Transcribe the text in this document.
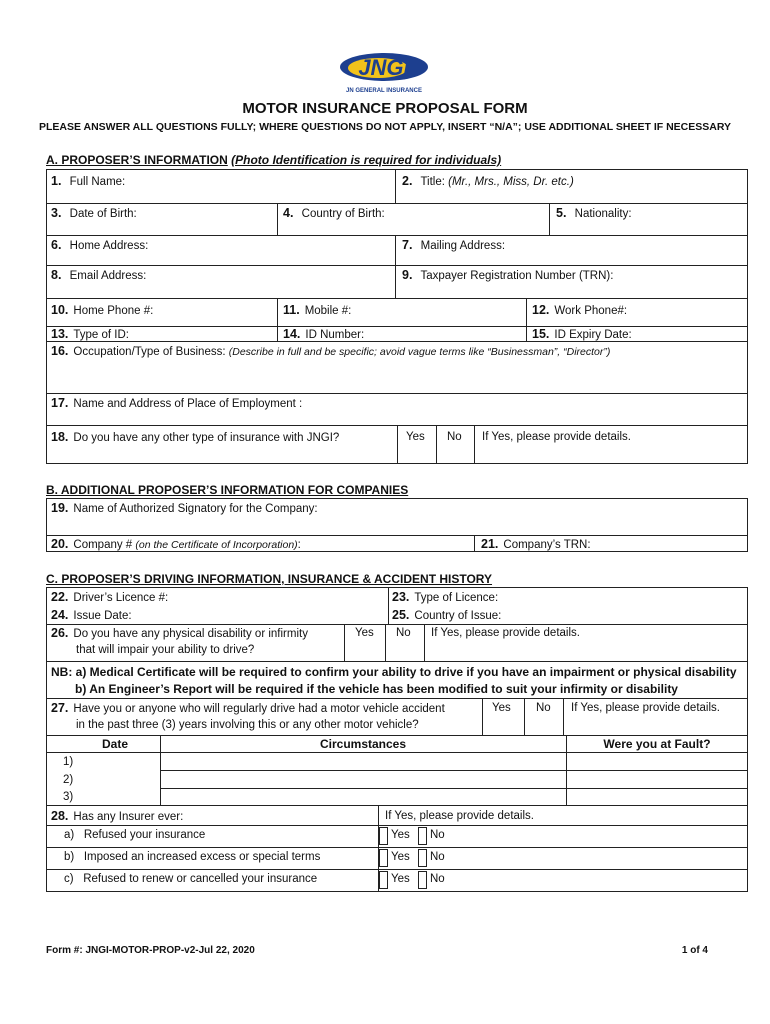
JNGI
JN GENERAL INSURANCE
MOTOR INSURANCE PROPOSAL FORM
PLEASE ANSWER ALL QUESTIONS FULLY; WHERE QUESTIONS DO NOT APPLY, INSERT “N/A”; USE ADDITIONAL SHEET IF NECESSARY
A. PROPOSER’S INFORMATION (Photo Identification is required for individuals)
1. Full Name:	2. Title: (Mr., Mrs., Miss, Dr. etc.)
3. Date of Birth:	4. Country of Birth:	5. Nationality:
6. Home Address:	7. Mailing Address:
8. Email Address:	9. Taxpayer Registration Number (TRN):
10. Home Phone #:	11. Mobile #:	12. Work Phone#:
13. Type of ID:	14. ID Number:	15. ID Expiry Date:
16. Occupation/Type of Business: (Describe in full and be specific; avoid vague terms like “Businessman”, “Director”)
17. Name and Address of Place of Employment :
18. Do you have any other type of insurance with JNGI?	Yes No If Yes, please provide details.
B. ADDITIONAL PROPOSER’S INFORMATION FOR COMPANIES
19. Name of Authorized Signatory for the Company:
20. Company # (on the Certificate of Incorporation):	21. Company’s TRN:
C. PROPOSER’S DRIVING INFORMATION, INSURANCE & ACCIDENT HISTORY
22. Driver’s Licence #:	23. Type of Licence:
24. Issue Date:	25. Country of Issue:
26. Do you have any physical disability or infirmity
that will impair your ability to drive?
Yes No If Yes, please provide details.
NB: a) Medical Certificate will be required to confirm your ability to drive if you have an impairment or physical disability
b) An Engineer’s Report will be required if the vehicle has been modified to suit your infirmity or disability
27. Have you or anyone who will regularly drive had a motor vehicle accident
in the past three (3) years involving this or any other motor vehicle?
Yes No If Yes, please provide details.
Date	Circumstances	Were you at Fault?
1)
2)
3)
28. Has any Insurer ever:	If Yes, please provide details.
a) Refused your insurance	Yes No
b) Imposed an increased excess or special terms	Yes No
c) Refused to renew or cancelled your insurance	Yes No
Form #: JNGI-MOTOR-PROP-v2-Jul 22, 2020	1 of 4
